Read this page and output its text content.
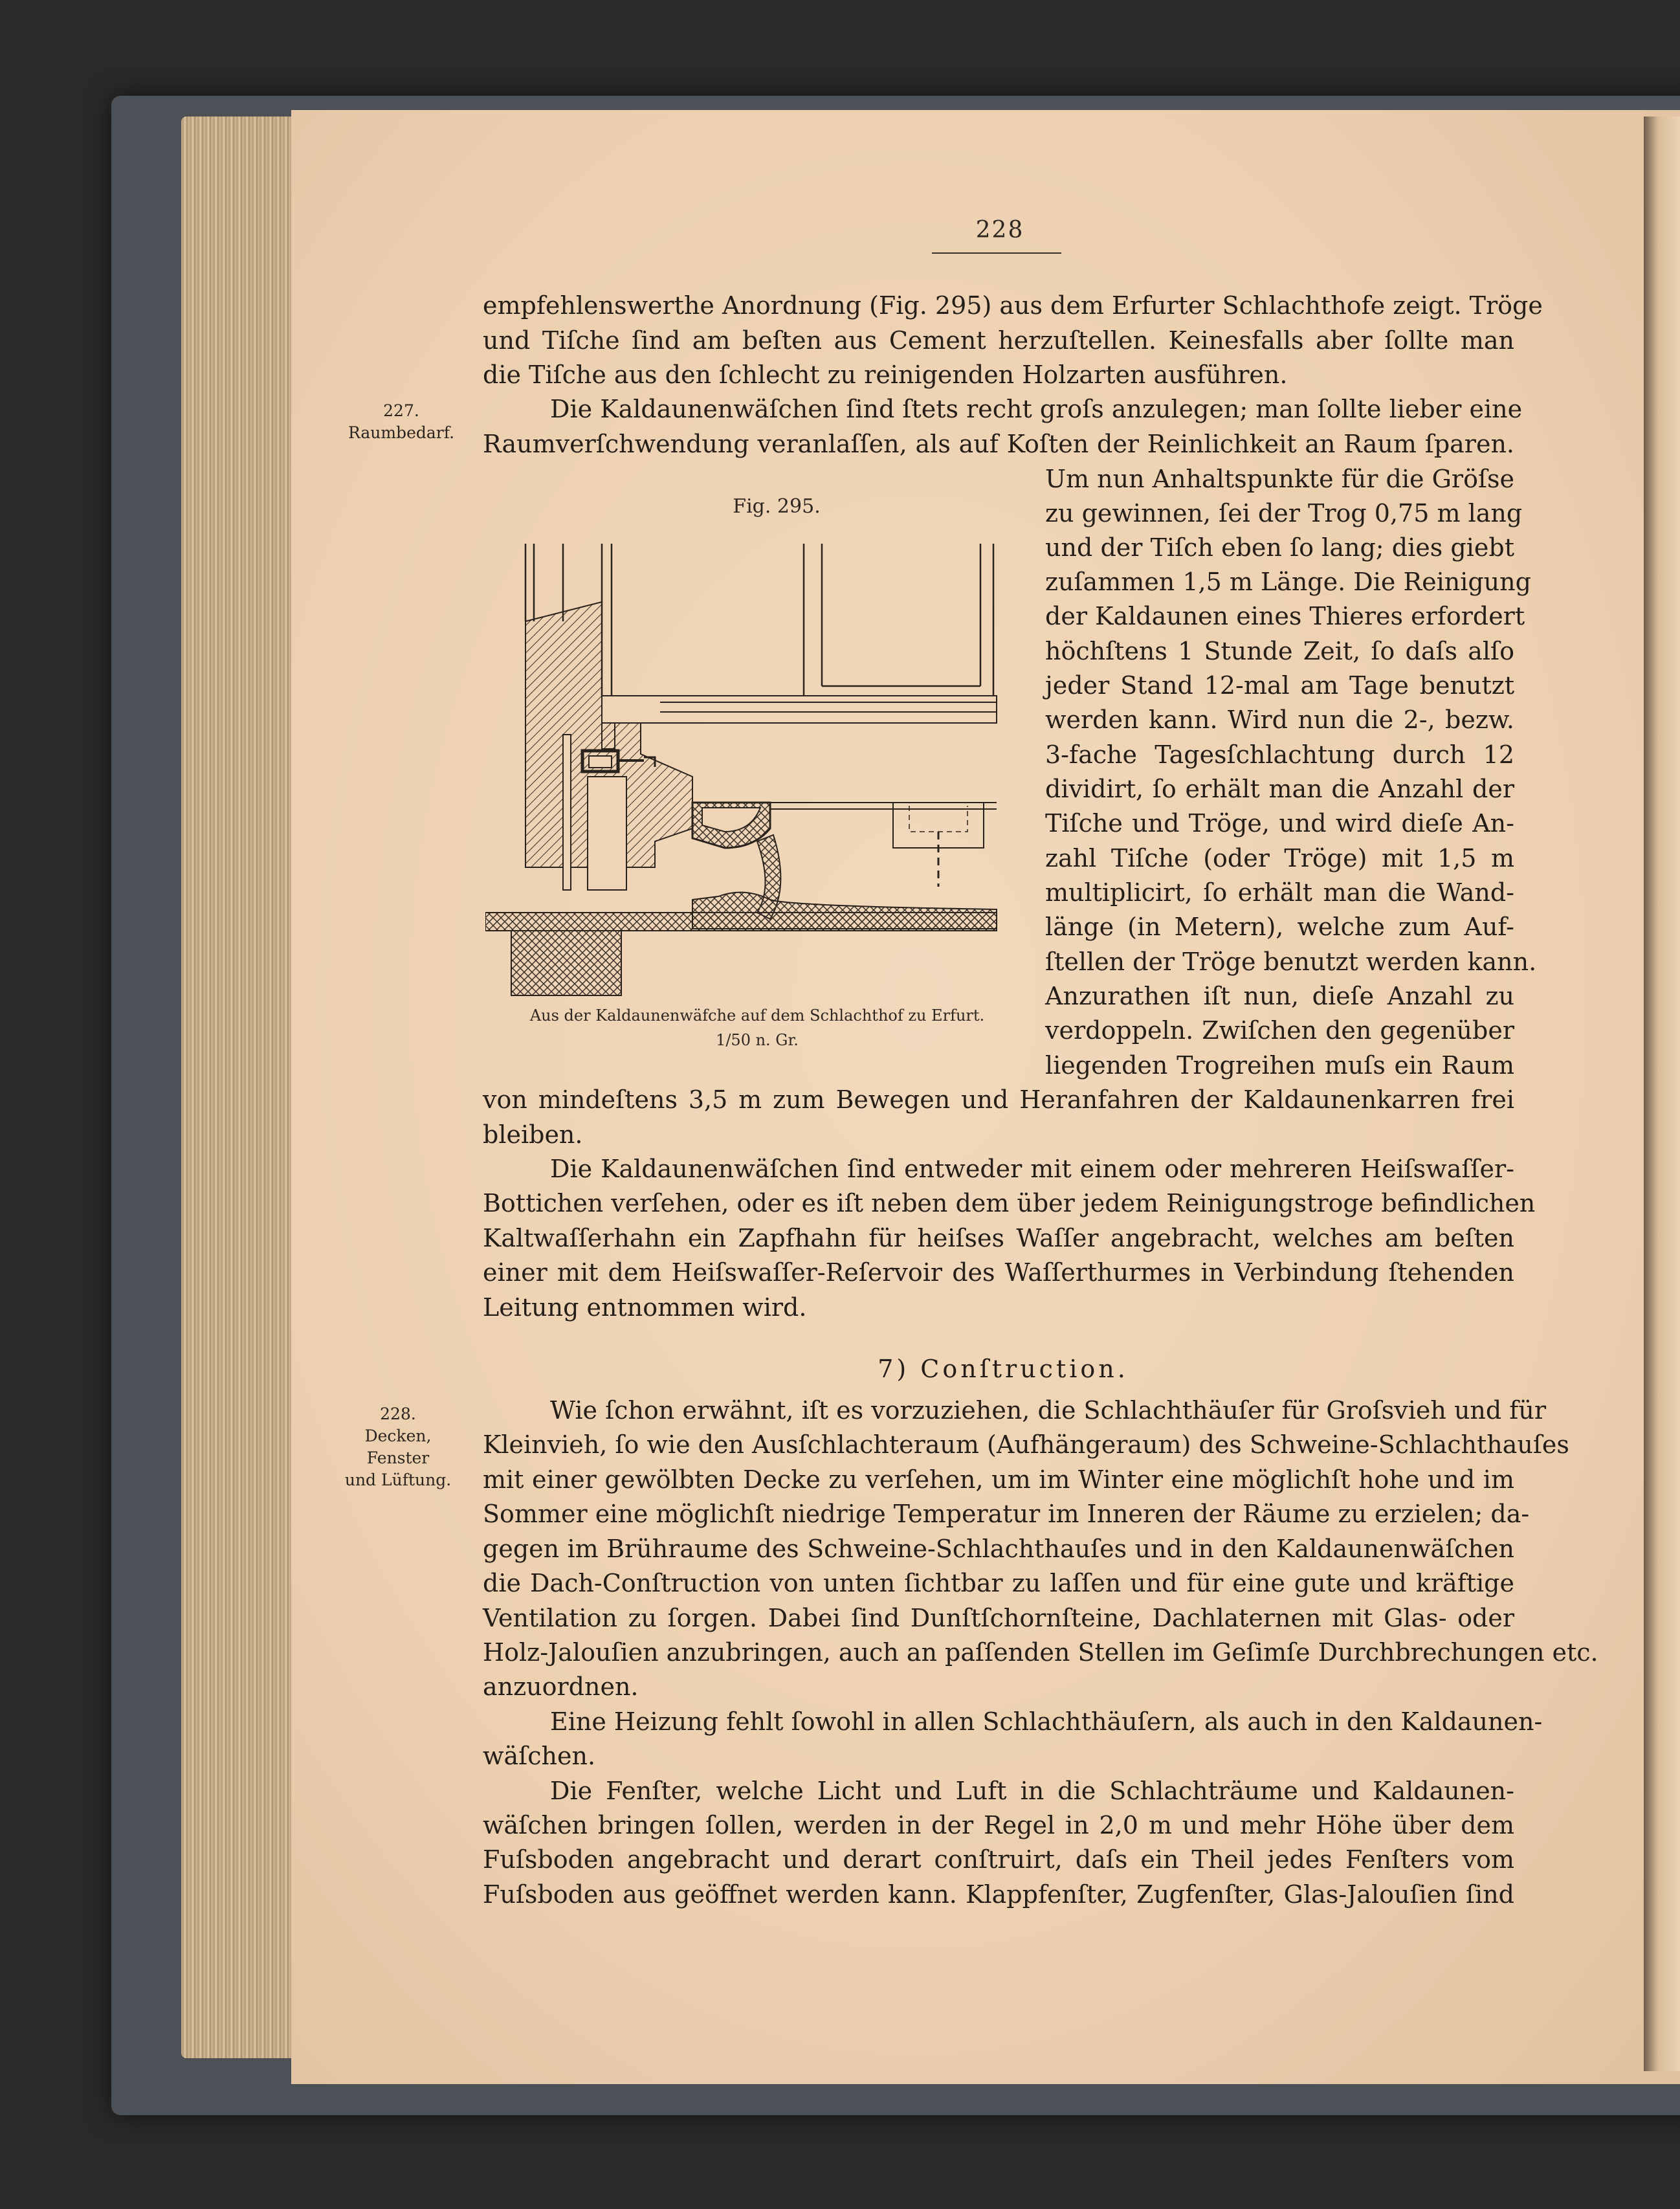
228
227.
Raumbedarf.
228.
Decken,
Fenster
und Lüftung.
empfehlenswerthe Anordnung (Fig. 295) aus dem Erfurter Schlachthofe zeigt. Tröge
und Tiſche ſind am beſten aus Cement herzuſtellen. Keinesfalls aber ſollte man
die Tiſche aus den ſchlecht zu reinigenden Holzarten ausführen.
Die Kaldaunenwäſchen ſind ſtets recht groſs anzulegen; man ſollte lieber eine
Raumverſchwendung veranlaſſen, als auf Koſten der Reinlichkeit an Raum ſparen.
Um nun Anhaltspunkte für die Gröſse
zu gewinnen, ſei der Trog 0,75 m lang
und der Tiſch eben ſo lang; dies giebt
zuſammen 1,5 m Länge. Die Reinigung
der Kaldaunen eines Thieres erfordert
höchſtens 1 Stunde Zeit, ſo daſs alſo
jeder Stand 12-mal am Tage benutzt
werden kann. Wird nun die 2-, bezw.
3-fache Tagesſchlachtung durch 12
dividirt, ſo erhält man die Anzahl der
Tiſche und Tröge, und wird dieſe An-
zahl Tiſche (oder Tröge) mit 1,5 m
multiplicirt, ſo erhält man die Wand-
länge (in Metern), welche zum Auf-
ſtellen der Tröge benutzt werden kann.
Anzurathen iſt nun, dieſe Anzahl zu
verdoppeln. Zwiſchen den gegenüber
liegenden Trogreihen muſs ein Raum
von mindeſtens 3,5 m zum Bewegen und Heranfahren der Kaldaunenkarren frei
bleiben.
Die Kaldaunenwäſchen ſind entweder mit einem oder mehreren Heiſswaſſer-
Bottichen verſehen, oder es iſt neben dem über jedem Reinigungstroge befindlichen
Kaltwaſſerhahn ein Zapfhahn für heiſses Waſſer angebracht, welches am beſten
einer mit dem Heiſswaſſer-Reſervoir des Waſſerthurmes in Verbindung ſtehenden
Leitung entnommen wird.
7) Conſtruction.
Wie ſchon erwähnt, iſt es vorzuziehen, die Schlachthäuſer für Groſsvieh und für
Kleinvieh, ſo wie den Ausſchlachteraum (Aufhängeraum) des Schweine-Schlachthauſes
mit einer gewölbten Decke zu verſehen, um im Winter eine möglichſt hohe und im
Sommer eine möglichſt niedrige Temperatur im Inneren der Räume zu erzielen; da-
gegen im Brühraume des Schweine-Schlachthauſes und in den Kaldaunenwäſchen
die Dach-Conſtruction von unten ſichtbar zu laſſen und für eine gute und kräftige
Ventilation zu ſorgen. Dabei ſind Dunſtſchornſteine, Dachlaternen mit Glas- oder
Holz-Jalouſien anzubringen, auch an paſſenden Stellen im Geſimſe Durchbrechungen etc.
anzuordnen.
Eine Heizung fehlt ſowohl in allen Schlachthäuſern, als auch in den Kaldaunen-
wäſchen.
Die Fenſter, welche Licht und Luft in die Schlachträume und Kaldaunen-
wäſchen bringen ſollen, werden in der Regel in 2,0 m und mehr Höhe über dem
Fuſsboden angebracht und derart conſtruirt, daſs ein Theil jedes Fenſters vom
Fuſsboden aus geöffnet werden kann. Klappfenſter, Zugfenſter, Glas-Jalouſien ſind
Fig. 295.
Aus der Kaldaunenwäfche auf dem Schlachthof zu Erfurt.
1/50 n. Gr.
